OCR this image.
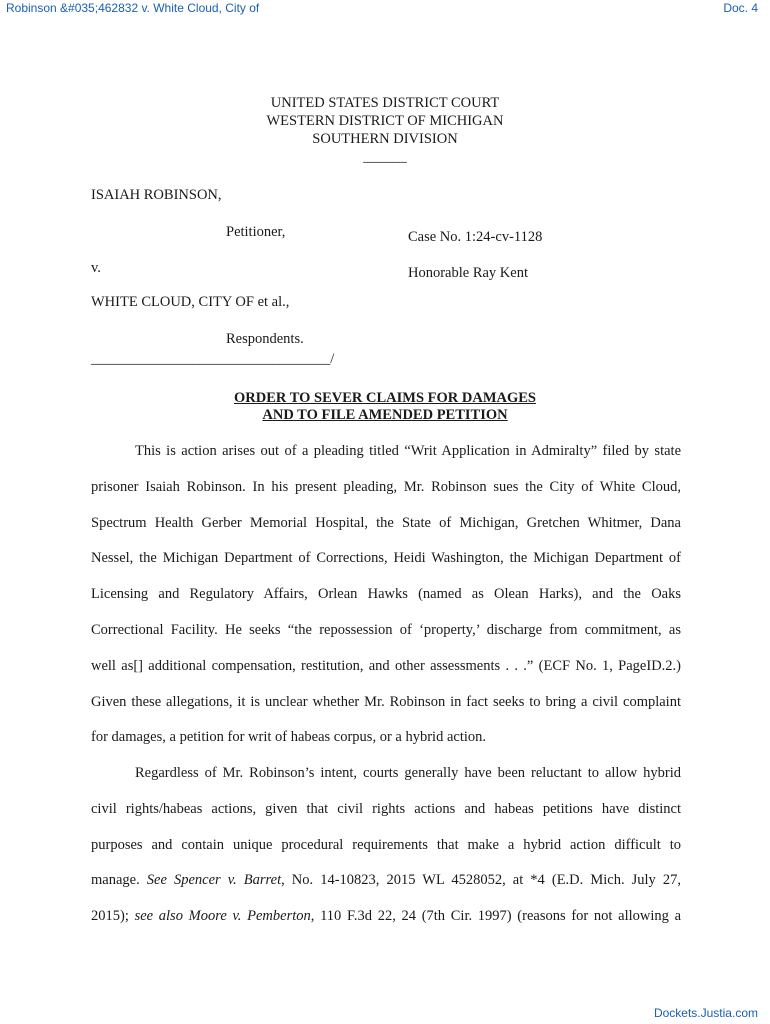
Robinson &#035;462832 v. White Cloud, City of	Doc. 4
UNITED STATES DISTRICT COURT
WESTERN DISTRICT OF MICHIGAN
SOUTHERN DIVISION
______
ISAIAH ROBINSON,
Petitioner,	Case No. 1:24-cv-1128
v.	Honorable Ray Kent
WHITE CLOUD, CITY OF et al.,
Respondents.
_________________________________/
ORDER TO SEVER CLAIMS FOR DAMAGES
AND TO FILE AMENDED PETITION
This is action arises out of a pleading titled “Writ Application in Admiralty” filed by state
prisoner Isaiah Robinson. In his present pleading, Mr. Robinson sues the City of White Cloud,
Spectrum Health Gerber Memorial Hospital, the State of Michigan, Gretchen Whitmer, Dana
Nessel, the Michigan Department of Corrections, Heidi Washington, the Michigan Department of
Licensing and Regulatory Affairs, Orlean Hawks (named as Olean Harks), and the Oaks
Correctional Facility. He seeks “the repossession of ‘property,’ discharge from commitment, as
well as[] additional compensation, restitution, and other assessments . . .” (ECF No. 1, PageID.2.)
Given these allegations, it is unclear whether Mr. Robinson in fact seeks to bring a civil complaint
for damages, a petition for writ of habeas corpus, or a hybrid action.
Regardless of Mr. Robinson’s intent, courts generally have been reluctant to allow hybrid
civil rights/habeas actions, given that civil rights actions and habeas petitions have distinct
purposes and contain unique procedural requirements that make a hybrid action difficult to
manage. See Spencer v. Barret, No. 14-10823, 2015 WL 4528052, at *4 (E.D. Mich. July 27,
2015); see also Moore v. Pemberton, 110 F.3d 22, 24 (7th Cir. 1997) (reasons for not allowing a
Dockets.Justia.com
